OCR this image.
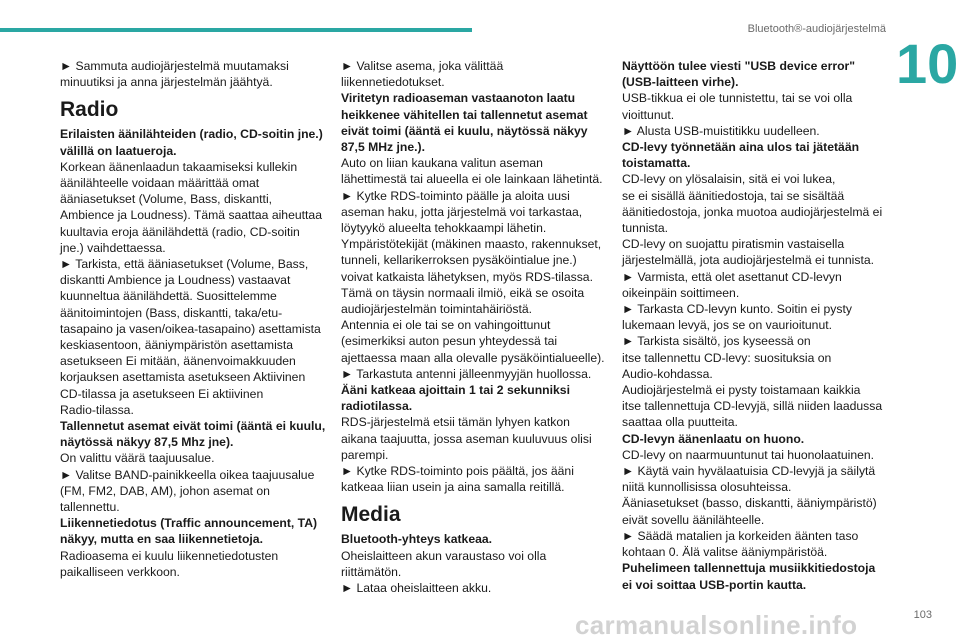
Bluetooth®-audiojärjestelmä
10
► Sammuta audiojärjestelmä muutamaksi
minuutiksi ja anna järjestelmän jäähtyä.
Radio
Erilaisten äänilähteiden (radio, CD-soitin jne.)
välillä on laatueroja.
Korkean äänenlaadun takaamiseksi kullekin
äänilähteelle voidaan määrittää omat
ääniasetukset (Volume, Bass, diskantti,
Ambience ja Loudness). Tämä saattaa aiheuttaa
kuultavia eroja äänilähdettä (radio, CD-soitin
jne.) vaihdettaessa.
► Tarkista, että ääniasetukset (Volume, Bass,
diskantti Ambience ja Loudness) vastaavat
kuunneltua äänilähdettä. Suosittelemme
äänitoimintojen (Bass, diskantti, taka/etu-
tasapaino ja vasen/oikea-tasapaino) asettamista
keskiasentoon, ääniympäristön asettamista
asetukseen Ei mitään, äänenvoimakkuuden
korjauksen asettamista asetukseen Aktiivinen
CD-tilassa ja asetukseen Ei aktiivinen
Radio-tilassa.
Tallennetut asemat eivät toimi (ääntä ei kuulu,
näytössä näkyy 87,5 Mhz jne).
On valittu väärä taajuusalue.
► Valitse BAND-painikkeella oikea taajuusalue
(FM, FM2, DAB, AM), johon asemat on
tallennettu.
Liikennetiedotus (Traffic announcement, TA)
näkyy, mutta en saa liikennetietoja.
Radioasema ei kuulu liikennetiedotusten
paikalliseen verkkoon.
► Valitse asema, joka välittää
liikennetiedotukset.
Viritetyn radioaseman vastaanoton laatu
heikkenee vähitellen tai tallennetut asemat
eivät toimi (ääntä ei kuulu, näytössä näkyy
87,5 MHz jne.).
Auto on liian kaukana valitun aseman
lähettimestä tai alueella ei ole lainkaan lähetintä.
► Kytke RDS-toiminto päälle ja aloita uusi
aseman haku, jotta järjestelmä voi tarkastaa,
löytyykö alueelta tehokkaampi lähetin.
Ympäristötekijät (mäkinen maasto, rakennukset,
tunneli, kellarikerroksen pysäköintialue jne.)
voivat katkaista lähetyksen, myös RDS-tilassa.
Tämä on täysin normaali ilmiö, eikä se osoita
audiojärjestelmän toimintahäiriöstä.
Antennia ei ole tai se on vahingoittunut
(esimerkiksi auton pesun yhteydessä tai
ajettaessa maan alla olevalle pysäköintialueelle).
► Tarkastuta antenni jälleenmyyjän huollossa.
Ääni katkeaa ajoittain 1 tai 2 sekunniksi
radiotilassa.
RDS-järjestelmä etsii tämän lyhyen katkon
aikana taajuutta, jossa aseman kuuluvuus olisi
parempi.
► Kytke RDS-toiminto pois päältä, jos ääni
katkeaa liian usein ja aina samalla reitillä.
Media
Bluetooth-yhteys katkeaa.
Oheislaitteen akun varaustaso voi olla
riittämätön.
► Lataa oheislaitteen akku.
Näyttöön tulee viesti "USB device error"
(USB-laitteen virhe).
USB-tikkua ei ole tunnistettu, tai se voi olla
vioittunut.
► Alusta USB-muistitikku uudelleen.
CD-levy työnnetään aina ulos tai jätetään
toistamatta.
CD-levy on ylösalaisin, sitä ei voi lukea,
se ei sisällä äänitiedostoja, tai se sisältää
äänitiedostoja, jonka muotoa audiojärjestelmä ei
tunnista.
CD-levy on suojattu piratismin vastaisella
järjestelmällä, jota audiojärjestelmä ei tunnista.
► Varmista, että olet asettanut CD-levyn
oikeinpäin soittimeen.
► Tarkasta CD-levyn kunto. Soitin ei pysty
lukemaan levyä, jos se on vaurioitunut.
► Tarkista sisältö, jos kyseessä on
itse tallennettu CD-levy: suosituksia on
Audio-kohdassa.
Audiojärjestelmä ei pysty toistamaan kaikkia
itse tallennettuja CD-levyjä, sillä niiden laadussa
saattaa olla puutteita.
CD-levyn äänenlaatu on huono.
CD-levy on naarmuuntunut tai huonolaatuinen.
► Käytä vain hyvälaatuisia CD-levyjä ja säilytä
niitä kunnollisissa olosuhteissa.
Ääniasetukset (basso, diskantti, ääniympäristö)
eivät sovellu äänilähteelle.
► Säädä matalien ja korkeiden äänten taso
kohtaan 0. Älä valitse ääniympäristöä.
Puhelimeen tallennettuja musiikkitiedostoja
ei voi soittaa USB-portin kautta.
carmanualsonline.info	103
